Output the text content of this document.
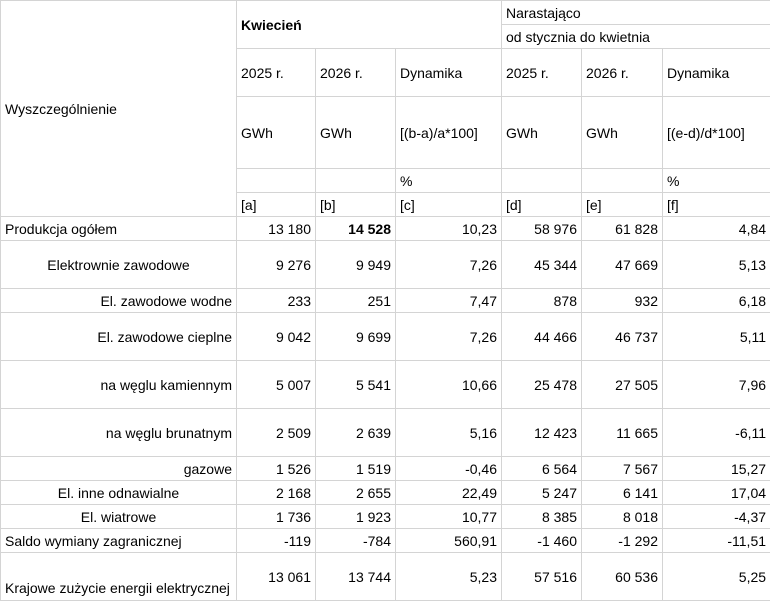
Wyszczególnienie	Kwiecień			Narastająco		

	2025 r.	2026 r.	Dynamika	2025 r.	2026 r.	Dynamika
	GWh	GWh	[(b-a)/a*100]	GWh	GWh	[(e-d)/d*100]
			%			%
	[a]	[b]	[c]	[d]	[e]	[f]
Produkcja ogółem	13 180	14 528	10,23	58 976	61 828	4,84
Elektrownie zawodowe	9 276	9 949	7,26	45 344	47 669	5,13
El. zawodowe wodne	233	251	7,47	878	932	6,18
El. zawodowe cieplne	9 042	9 699	7,26	44 466	46 737	5,11
na węglu kamiennym	5 007	5 541	10,66	25 478	27 505	7,96
na węglu brunatnym	2 509	2 639	5,16	12 423	11 665	-6,11
gazowe	1 526	1 519	-0,46	6 564	7 567	15,27
El. inne odnawialne	2 168	2 655	22,49	5 247	6 141	17,04
El. wiatrowe	1 736	1 923	10,77	8 385	8 018	-4,37
Saldo wymiany zagranicznej	-119	-784	560,91	-1 460	-1 292	-11,51
Krajowe zużycie energii elektrycznej	13 061	13 744	5,23	57 516	60 536	5,25
od stycznia do kwietnia
